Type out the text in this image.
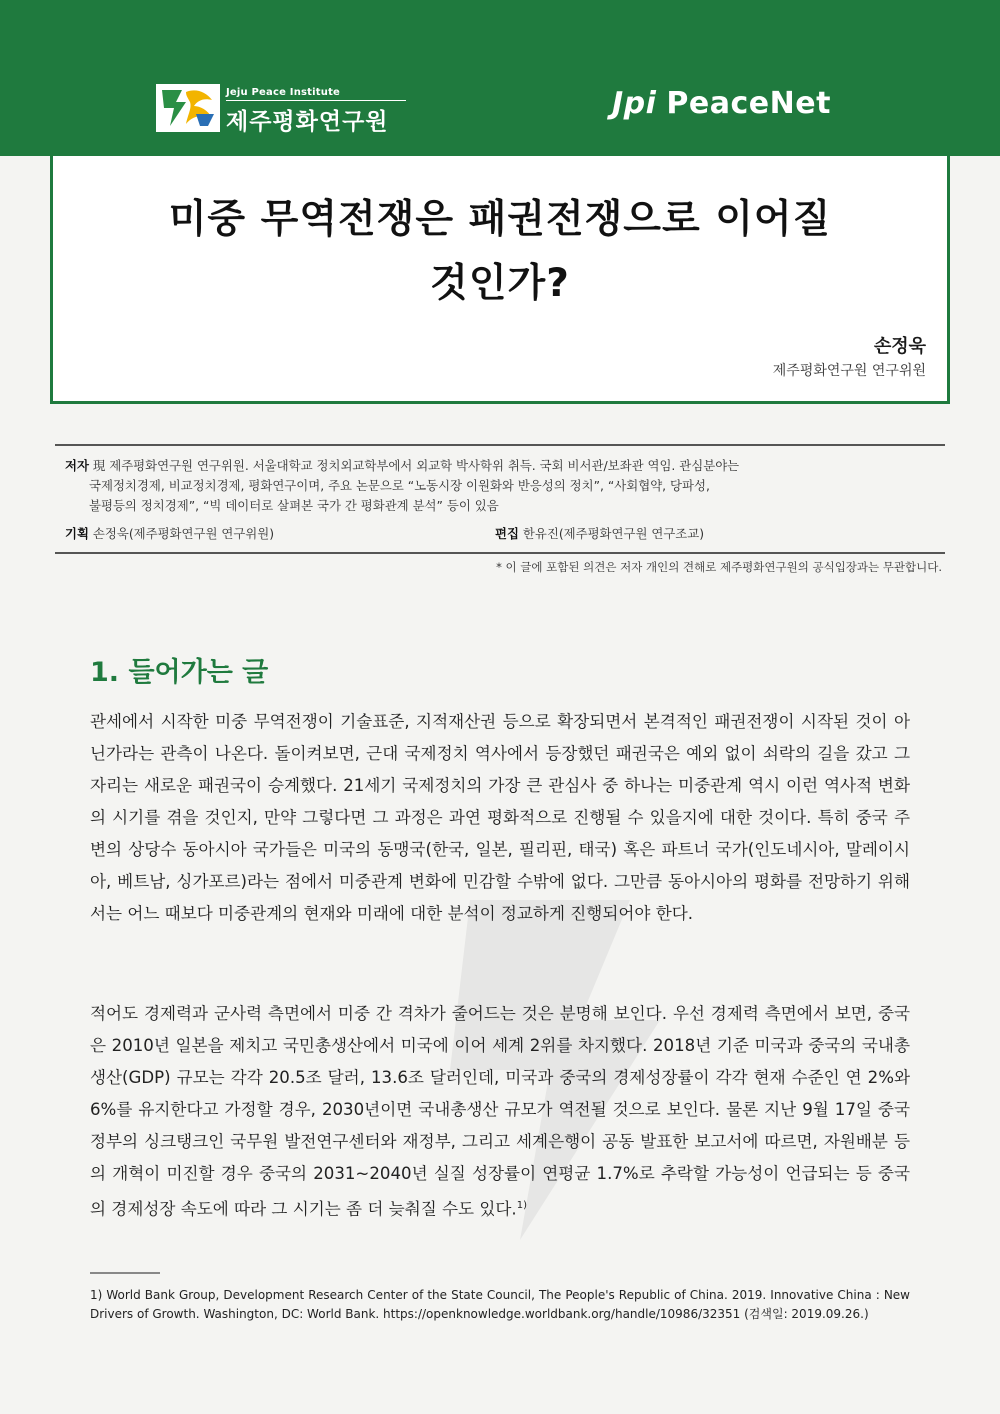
Jeju Peace Institute
제주평화연구원
Jpi PeaceNet
미중 무역전쟁은 패권전쟁으로 이어질
것인가?
손정욱
제주평화연구원 연구위원
저자 現 제주평화연구원 연구위원. 서울대학교 정치외교학부에서 외교학 박사학위 취득. 국회 비서관/보좌관 역임. 관심분야는
국제정치경제, 비교정치경제, 평화연구이며, 주요 논문으로 “노동시장 이원화와 반응성의 정치”, “사회협약, 당파성,
불평등의 정치경제”, “빅 데이터로 살펴본 국가 간 평화관계 분석” 등이 있음
기획 손정욱(제주평화연구원 연구위원)	편집 한유진(제주평화연구원 연구조교)
* 이 글에 포함된 의견은 저자 개인의 견해로 제주평화연구원의 공식입장과는 무관합니다.
1. 들어가는 글
관세에서 시작한 미중 무역전쟁이 기술표준, 지적재산권 등으로 확장되면서 본격적인 패권전쟁이 시작된 것이 아닌가라는 관측이 나온다. 돌이켜보면, 근대 국제정치 역사에서 등장했던 패권국은 예외 없이 쇠락의 길을 갔고 그 자리는 새로운 패권국이 승계했다. 21세기 국제정치의 가장 큰 관심사 중 하나는 미중관계 역시 이런 역사적 변화의 시기를 겪을 것인지, 만약 그렇다면 그 과정은 과연 평화적으로 진행될 수 있을지에 대한 것이다. 특히 중국 주변의 상당수 동아시아 국가들은 미국의 동맹국(한국, 일본, 필리핀, 태국) 혹은 파트너 국가(인도네시아, 말레이시아, 베트남, 싱가포르)라는 점에서 미중관계 변화에 민감할 수밖에 없다. 그만큼 동아시아의 평화를 전망하기 위해서는 어느 때보다 미중관계의 현재와 미래에 대한 분석이 정교하게 진행되어야 한다.
적어도 경제력과 군사력 측면에서 미중 간 격차가 줄어드는 것은 분명해 보인다. 우선 경제력 측면에서 보면, 중국은 2010년 일본을 제치고 국민총생산에서 미국에 이어 세계 2위를 차지했다. 2018년 기준 미국과 중국의 국내총생산(GDP) 규모는 각각 20.5조 달러, 13.6조 달러인데, 미국과 중국의 경제성장률이 각각 현재 수준인 연 2%와 6%를 유지한다고 가정할 경우, 2030년이면 국내총생산 규모가 역전될 것으로 보인다. 물론 지난 9월 17일 중국 정부의 싱크탱크인 국무원 발전연구센터와 재정부, 그리고 세계은행이 공동 발표한 보고서에 따르면, 자원배분 등의 개혁이 미진할 경우 중국의 2031~2040년 실질 성장률이 연평균 1.7%로 추락할 가능성이 언급되는 등 중국의 경제성장 속도에 따라 그 시기는 좀 더 늦춰질 수도 있다.$^{1)}$
1) World Bank Group, Development Research Center of the State Council, The People's Republic of China. 2019. Innovative China : New Drivers of Growth. Washington, DC: World Bank. https://openknowledge.worldbank.org/handle/10986/32351 (검색일: 2019.09.26.)
